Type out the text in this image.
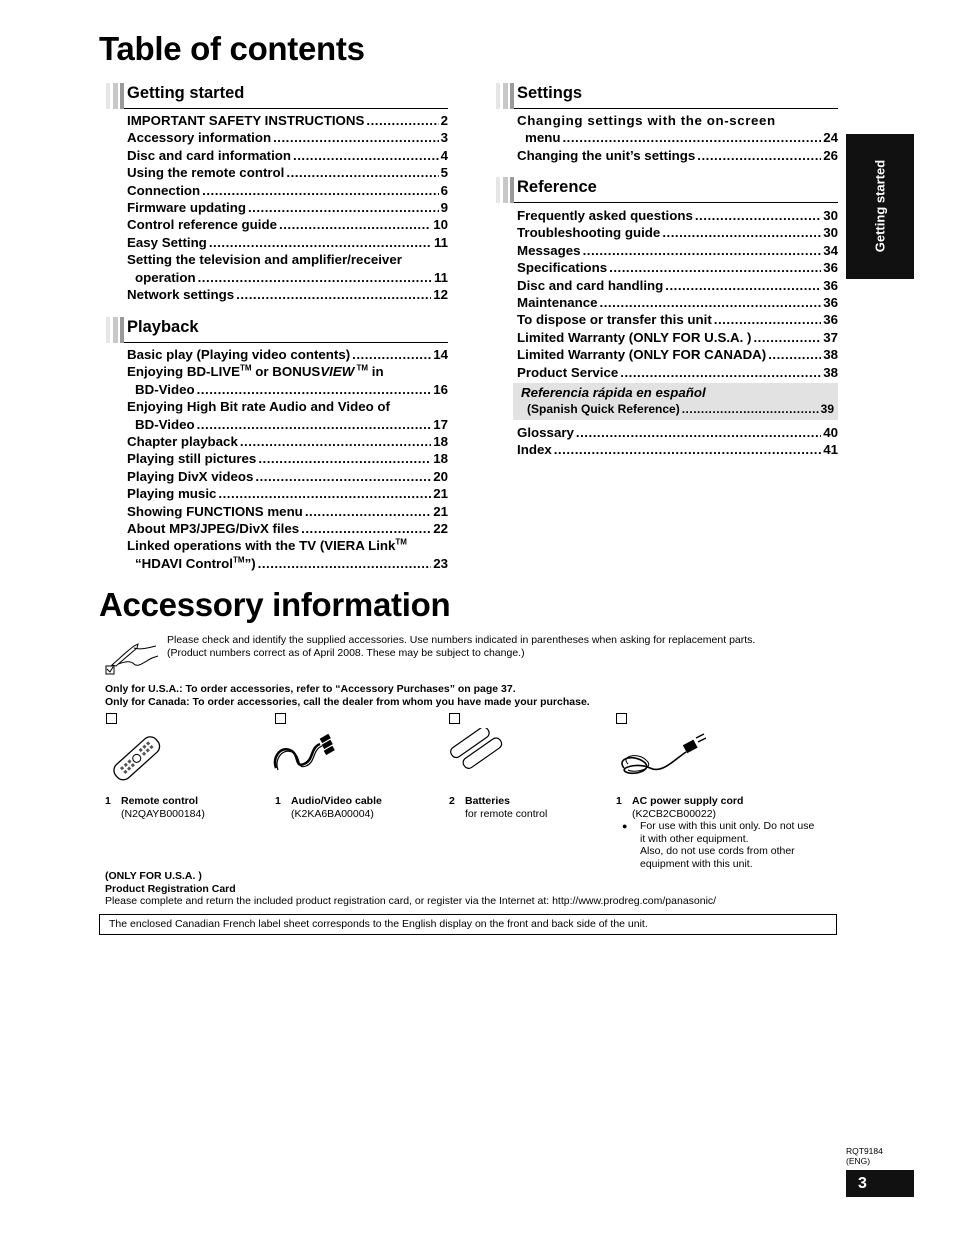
Table of contents
Getting started
IMPORTANT SAFETY INSTRUCTIONS .....	2
Accessory information .....	3
Disc and card information .....	4
Using the remote control .....	5
Connection .....	6
Firmware updating .....	9
Control reference guide .....	10
Easy Setting .....	11
Setting the television and amplifier/receiver
operation .....	11
Network settings .....	12
Playback
Basic play (Playing video contents) .....	14
Enjoying BD-LIVE™ or BONUSVIEW ™ in
BD-Video .....	16
Enjoying High Bit rate Audio and Video of
BD-Video .....	17
Chapter playback .....	18
Playing still pictures .....	18
Playing DivX videos .....	20
Playing music .....	21
Showing FUNCTIONS menu .....	21
About MP3/JPEG/DivX files .....	22
Linked operations with the TV (VIERA Link™
“HDAVI Control™”) .....	23
Settings
Changing settings with the on-screen
menu .....	24
Changing the unit’s settings .....	26
Reference
Frequently asked questions .....	30
Troubleshooting guide .....	30
Messages .....	34
Specifications .....	36
Disc and card handling .....	36
Maintenance .....	36
To dispose or transfer this unit .....	36
Limited Warranty (ONLY FOR U.S.A. ) .....	37
Limited Warranty (ONLY FOR CANADA) .....	38
Product Service .....	38
Referencia rápida en español
(Spanish Quick Reference) .....	39
Glossary .....	40
Index .....	41
Getting started
Accessory information
Please check and identify the supplied accessories. Use numbers indicated in parentheses when asking for replacement parts.
(Product numbers correct as of April 2008. These may be subject to change.)
Only for U.S.A.: To order accessories, refer to “Accessory Purchases” on page 37.
Only for Canada: To order accessories, call the dealer from whom you have made your purchase.
1 Remote control
(N2QAYB000184)
1 Audio/Video cable
(K2KA6BA00004)
2 Batteries
for remote control
1 AC power supply cord
(K2CB2CB00022)
● For use with this unit only. Do not use
it with other equipment.
Also, do not use cords from other
equipment with this unit.
(ONLY FOR U.S.A. )
Product Registration Card
Please complete and return the included product registration card, or register via the Internet at: http://www.prodreg.com/panasonic/
The enclosed Canadian French label sheet corresponds to the English display on the front and back side of the unit.
RQT9184
(ENG)
3
